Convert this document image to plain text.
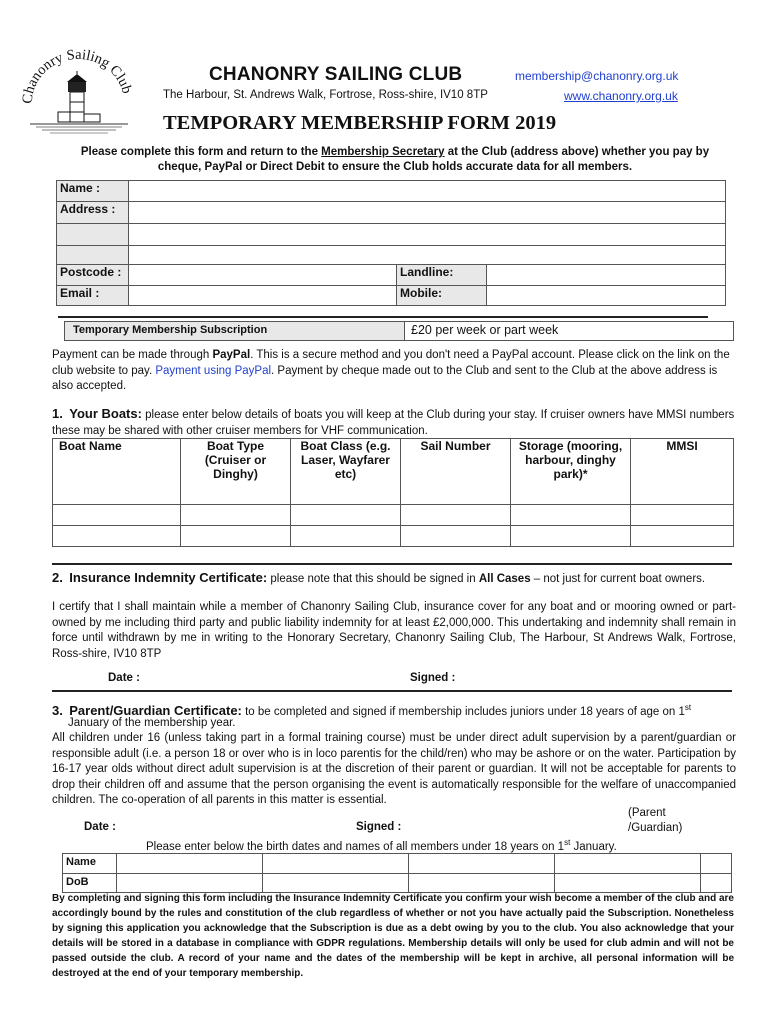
Chanonry Sailing Club
CHANONRY SAILING CLUB
The Harbour, St. Andrews Walk, Fortrose, Ross-shire, IV10 8TP
membership@chanonry.org.uk
www.chanonry.org.uk
TEMPORARY MEMBERSHIP FORM 2019
Please complete this form and return to the Membership Secretary at the Club (address above) whether you pay by cheque, PayPal or Direct Debit to ensure the Club holds accurate data for all members.
Name :			
Address :			

Postcode :		Landline:	
Email :		Mobile:	
Temporary Membership Subscription	£20 per week or part week
Payment can be made through PayPal. This is a secure method and you don't need a PayPal account. Please click on the link on the club website to pay. Payment using PayPal. Payment by cheque made out to the Club and sent to the Club at the above address is also accepted.
1. Your Boats: please enter below details of boats you will keep at the Club during your stay. If cruiser owners have MMSI numbers these may be shared with other cruiser members for VHF communication.
Boat Name	Boat Type (Cruiser or Dinghy)	Boat Class (e.g. Laser, Wayfarer etc)	Sail Number	Storage (mooring, harbour, dinghy park)*	MMSI

2. Insurance Indemnity Certificate: please note that this should be signed in All Cases – not just for current boat owners.
I certify that I shall maintain while a member of Chanonry Sailing Club, insurance cover for any boat and or mooring owned or part-owned by me including third party and public liability indemnity for at least £2,000,000. This undertaking and indemnity shall remain in force until withdrawn by me in writing to the Honorary Secretary, Chanonry Sailing Club, The Harbour, St Andrews Walk, Fortrose, Ross-shire, IV10 8TP
Date :	Signed :
3. Parent/Guardian Certificate: to be completed and signed if membership includes juniors under 18 years of age on 1st
January of the membership year.
All children under 16 (unless taking part in a formal training course) must be under direct adult supervision by a parent/guardian or responsible adult (i.e. a person 18 or over who is in loco parentis for the child/ren) who may be ashore or on the water. Participation by 16-17 year olds without direct adult supervision is at the discretion of their parent or guardian. It will not be acceptable for parents to drop their children off and assume that the person organising the event is automatically responsible for the welfare of unaccompanied children. The co-operation of all parents in this matter is essential.
(Parent
/Guardian)
Date :	Signed :
Please enter below the birth dates and names of all members under 18 years on 1st January.
Name					
DoB					
By completing and signing this form including the Insurance Indemnity Certificate you confirm your wish become a member of the club and are accordingly bound by the rules and constitution of the club regardless of whether or not you have actually paid the Subscription. Nonetheless by signing this application you acknowledge that the Subscription is due as a debt owing by you to the club. You also acknowledge that your details will be stored in a database in compliance with GDPR regulations. Membership details will only be used for club admin and will not be passed outside the club. A record of your name and the dates of the membership will be kept in archive, all personal information will be destroyed at the end of your temporary membership.
